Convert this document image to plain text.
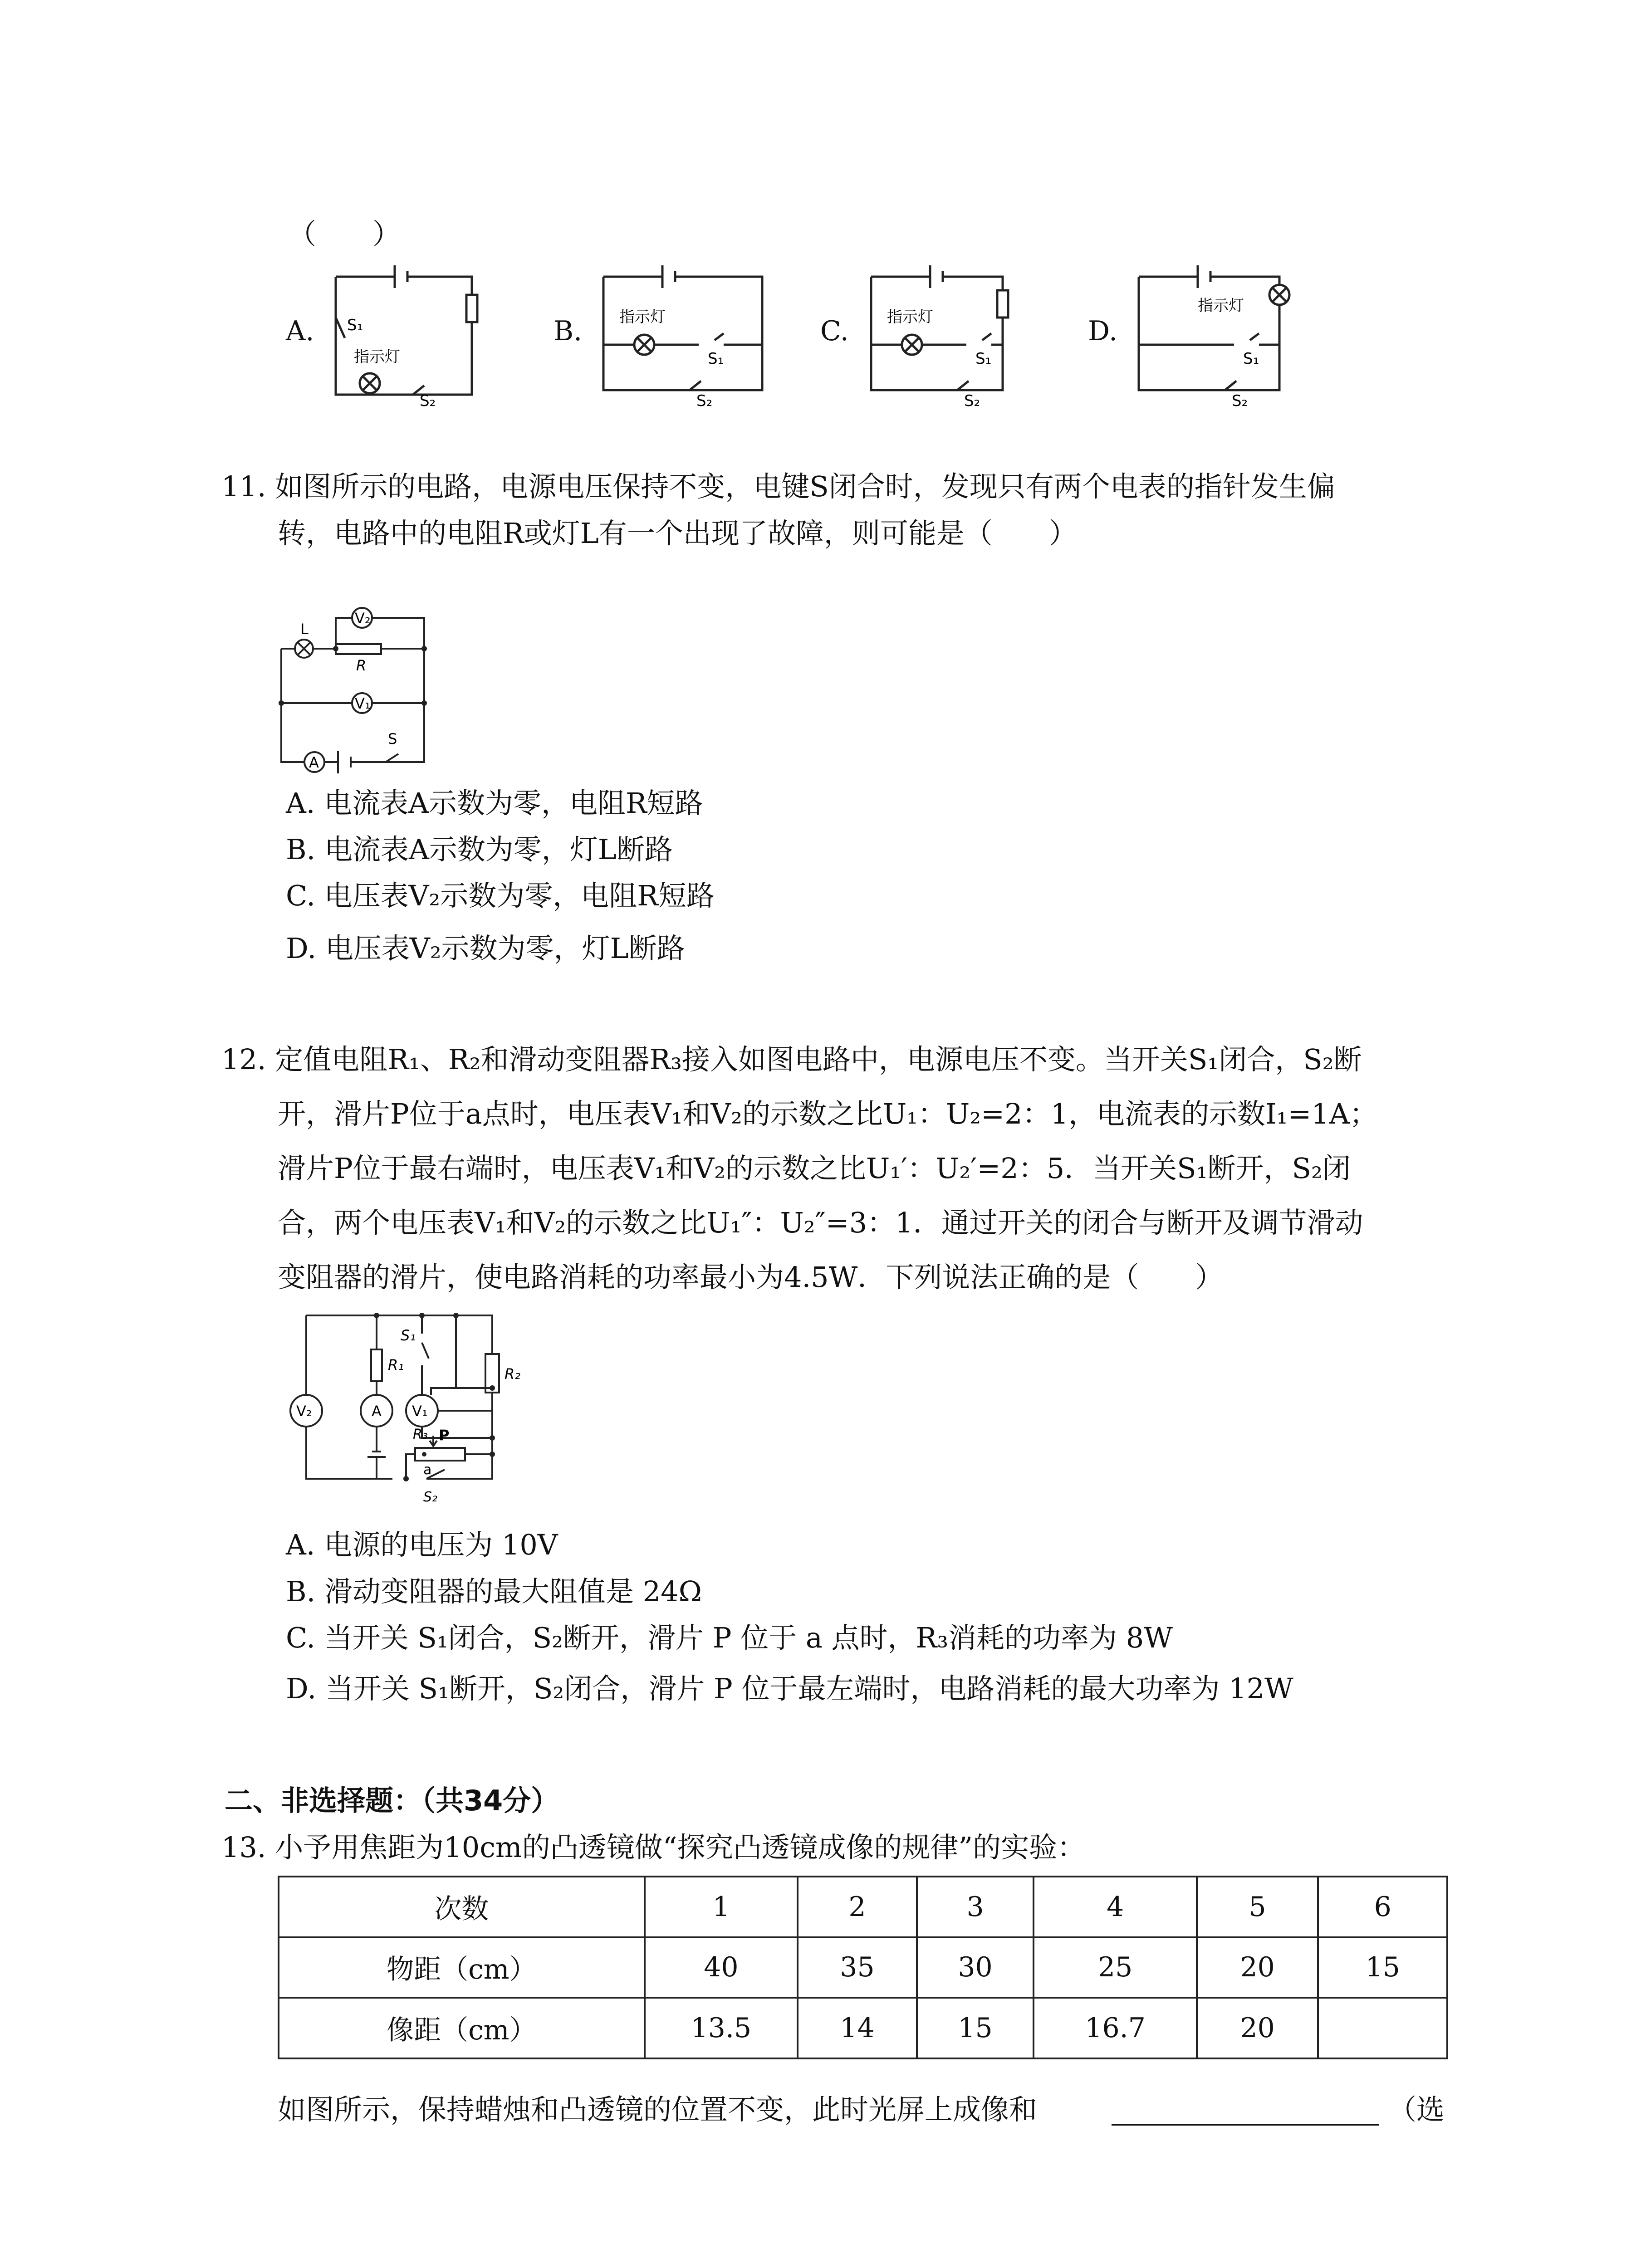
（　　）
A.	B.	C.	D.
S₁
指示灯
S₂
指示灯
S₁
S₂
指示灯
S₁
S₂
指示灯
S₁
S₂
11. 如图所示的电路，电源电压保持不变，电键S闭合时，发现只有两个电表的指针发生偏
转，电路中的电阻R或灯L有一个出现了故障，则可能是（　　）
L
V₂
R
V₁
A
S
A. 电流表A示数为零，电阻R短路
B. 电流表A示数为零，灯L断路
C. 电压表V₂示数为零，电阻R短路
D. 电压表V₂示数为零，灯L断路
12. 定值电阻R₁、R₂和滑动变阻器R₃接入如图电路中，电源电压不变。当开关S₁闭合，S₂断
开，滑片P位于a点时，电压表V₁和V₂的示数之比U₁：U₂=2：1，电流表的示数I₁=1A；
滑片P位于最右端时，电压表V₁和V₂的示数之比U₁′：U₂′=2：5．当开关S₁断开，S₂闭
合，两个电压表V₁和V₂的示数之比U₁″：U₂″=3：1．通过开关的闭合与断开及调节滑动
变阻器的滑片，使电路消耗的功率最小为4.5W．下列说法正确的是（　　）
R₁
S₁
R₂
V₂	V₁
A
R₃ P
a
S₂
A. 电源的电压为 10V
B. 滑动变阻器的最大阻值是 24Ω
C. 当开关 S₁闭合，S₂断开，滑片 P 位于 a 点时，R₃消耗的功率为 8W
D. 当开关 S₁断开，S₂闭合，滑片 P 位于最左端时，电路消耗的最大功率为 12W
二、非选择题：（共34分）
13. 小予用焦距为10cm的凸透镜做“探究凸透镜成像的规律”的实验：
次数	1	2	3	4	5	6
物距（cm）	40	35	30	25	20	15
像距（cm）	13.5	14	15	16.7	20	
如图所示，保持蜡烛和凸透镜的位置不变，此时光屏上成像和	（选
